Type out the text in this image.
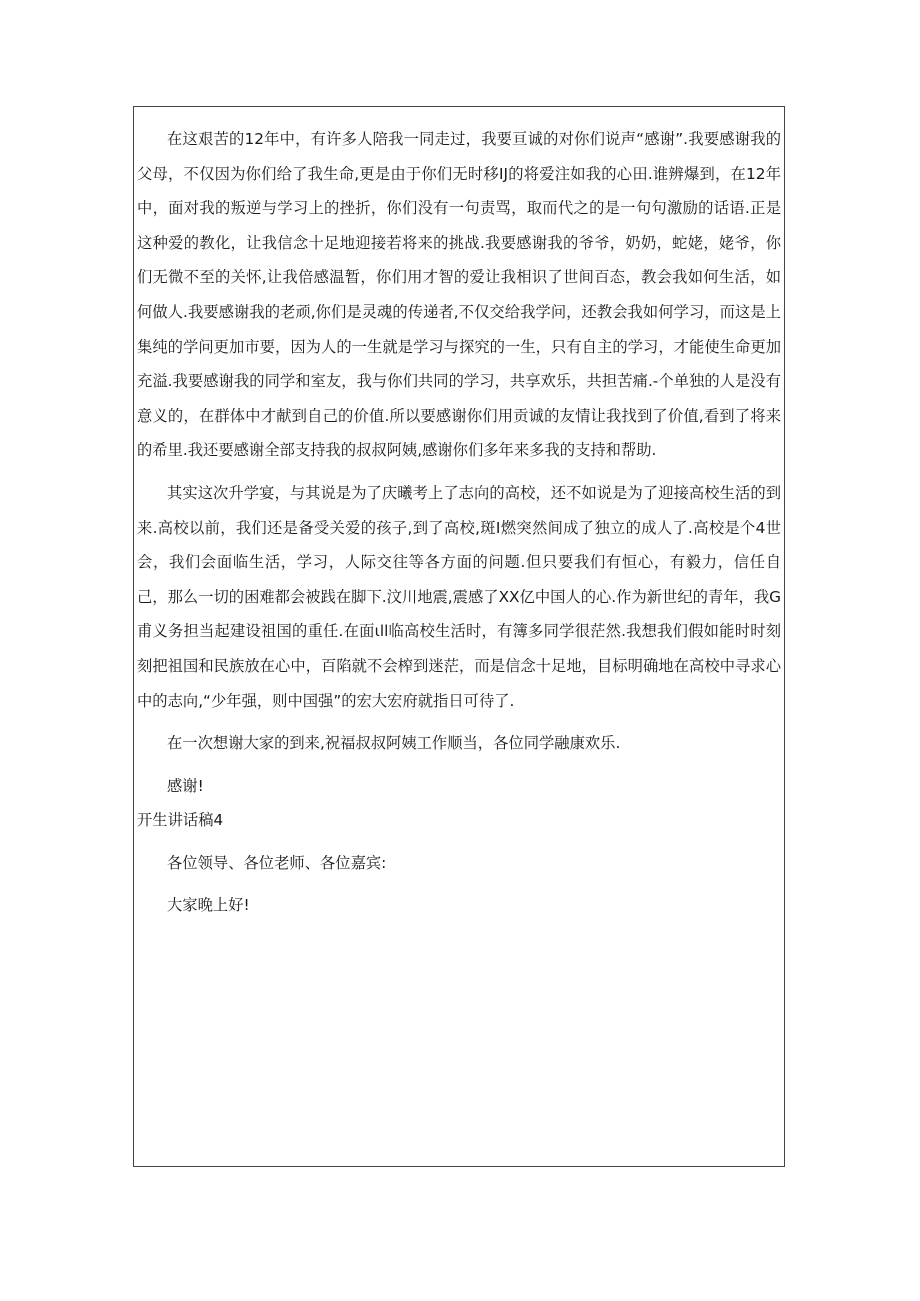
在这艰苦的12年中，有许多人陪我一同走过，我要亘诚的对你们说声“感谢”.我要感谢我的父母，不仅因为你们给了我生命,更是由于你们无时移IJ的将爱注如我的心田.谁辨爆到，在12年中，面对我的叛逆与学习上的挫折，你们没有一句责骂，取而代之的是一句句激励的话语.正是这种爱的教化，让我信念十足地迎接若将来的挑战.我要感谢我的爷爷，奶奶，蛇姥，姥爷，你们无微不至的关怀,让我倍感温暂，你们用才智的爱让我相识了世间百态，教会我如何生活，如何做人.我要感谢我的老顽,你们是灵魂的传递者,不仅交给我学问，还教会我如何学习，而这是上集纯的学问更加市要，因为人的一生就是学习与探究的一生，只有自主的学习，才能使生命更加充溢.我要感谢我的同学和室友，我与你们共同的学习，共享欢乐，共担苦痛.-个单独的人是没有意义的，在群体中才献到自己的价值.所以要感谢你们用贡诚的友情让我找到了价值,看到了将来的希里.我还要感谢全部支持我的叔叔阿姨,感谢你们多年来多我的支持和帮助.

其实这次升学宴，与其说是为了庆曦考上了志向的高校，还不如说是为了迎接高校生活的到来.高校以前，我们还是备受关爱的孩子,到了高校,斑I燃突然间成了独立的成人了.高校是个4世会，我们会面临生活，学习，人际交往等各方面的问题.但只要我们有恒心，有毅力，信任自己，那么一切的困难都会被践在脚下.汶川地震,震感了XX亿中国人的心.作为新世纪的青年，我G甫义务担当起建设祖国的重任.在面ιll临高校生活时，有簿多同学很茫然.我想我们假如能时时刻刻把祖国和民族放在心中，百陷就不会榨到迷茫，而是信念十足地，目标明确地在高校中寻求心中的志向,“少年强，则中国强”的宏大宏府就指日可待了.

在一次想谢大家的到来,祝福叔叔阿姨工作顺当，各位同学融康欢乐.

感谢!

开生讲话稿4

各位领导、各位老师、各位嘉宾:

大家晚上好!
